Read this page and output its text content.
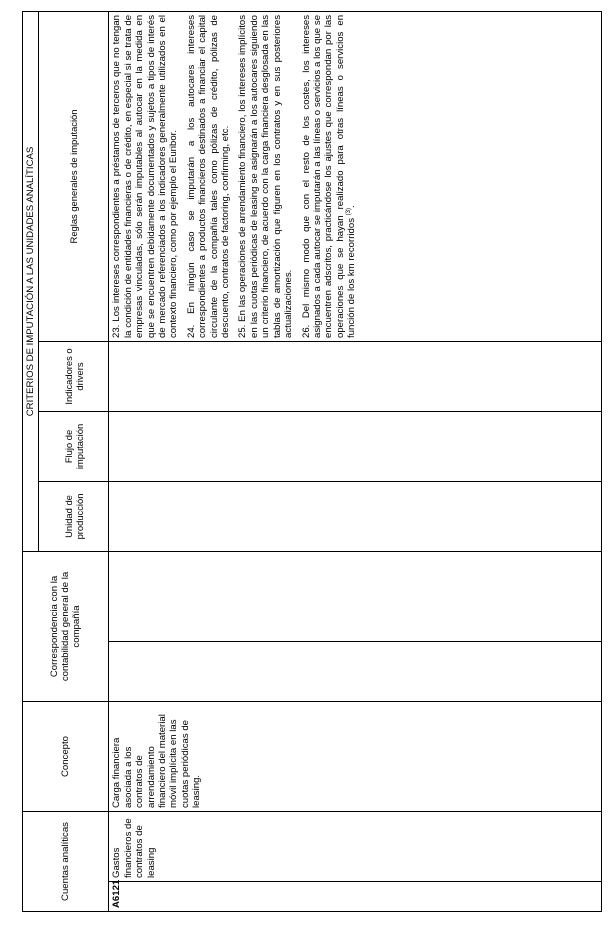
Cuentas analíticas		Concepto	Correspondencia con la contabilidad general de la compañía		CRITERIOS DE IMPUTACIÓN A LAS UNIDADES ANALÍTICAS			
					Unidad de producción	Flujo de imputación	Indicadores o drivers	Reglas generales de imputación
A6121	Gastos financieros de contratos de leasing	Carga financiera asociada a los contratos de arrendamiento financiero del material móvil implícita en las cuotas periódicas de leasing.						23. Los intereses correspondientes a préstamos de terceros que no tengan la condición de entidades financieras o de crédito, en especial si se trata de empresas vinculadas, sólo serán imputables al autocar en la medida en que se encuentren debidamente documentados y sujetos a tipos de interés de mercado referenciados a los indicadores generalmente utilizados en el contexto financiero, como por ejemplo el Euribor. 24. En ningún caso se imputarán a los autocares intereses correspondientes a productos financieros destinados a financiar el capital circulante de la compañía tales como pólizas de crédito, pólizas de descuento, contratos de factoring, confirming, etc. 25. En las operaciones de arrendamiento financiero, los intereses implícitos en las cuotas periódicas de leasing se asignarán a los autocares siguiendo un criterio financiero, de acuerdo con la carga financiera desglosada en las tablas de amortización que figuren en los contratos y en sus posteriores actualizaciones. 26. Del mismo modo que con el resto de los costes, los intereses asignados a cada autocar se imputarán a las líneas o servicios a los que se encuentren adscritos, practicándose los ajustes que correspondan por las operaciones que se hayan realizado para otras líneas o servicios en función de los km recorridos $^{(3)}$.
